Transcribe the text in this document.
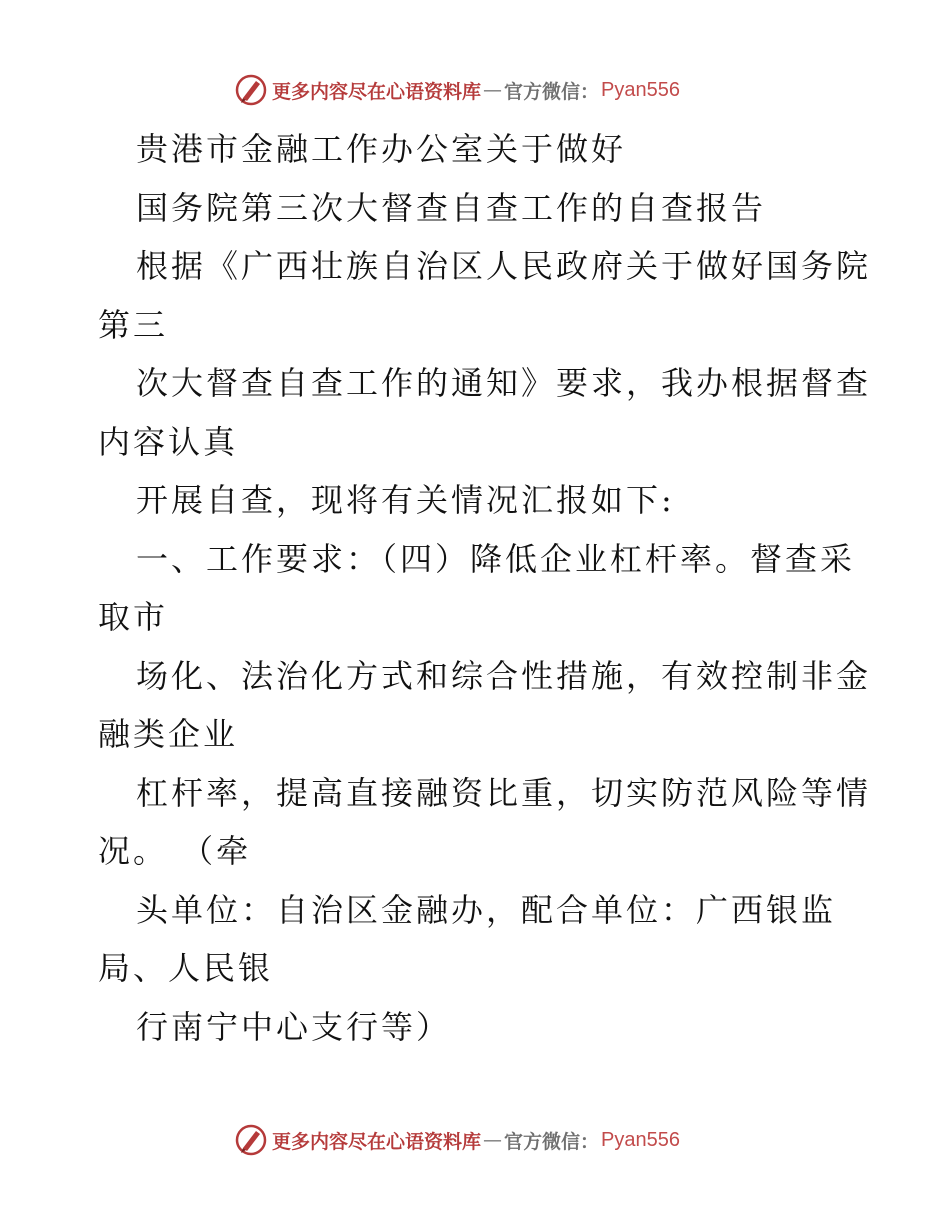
更多内容尽在心语资料库 — 官方微信： Pyan556
贵港市金融工作办公室关于做好
国务院第三次大督查自查工作的自查报告
根据《广西壮族自治区人民政府关于做好国务院
第三
次大督查自查工作的通知》要求，我办根据督查
内容认真
开展自查，现将有关情况汇报如下:
一、工作要求：（四）降低企业杠杆率。督查采
取市
场化、法治化方式和综合性措施，有效控制非金
融类企业
杠杆率，提高直接融资比重，切实防范风险等情
况。 （牵
头单位：自治区金融办，配合单位：广西银监
局、人民银
行南宁中心支行等）
更多内容尽在心语资料库 — 官方微信： Pyan556
